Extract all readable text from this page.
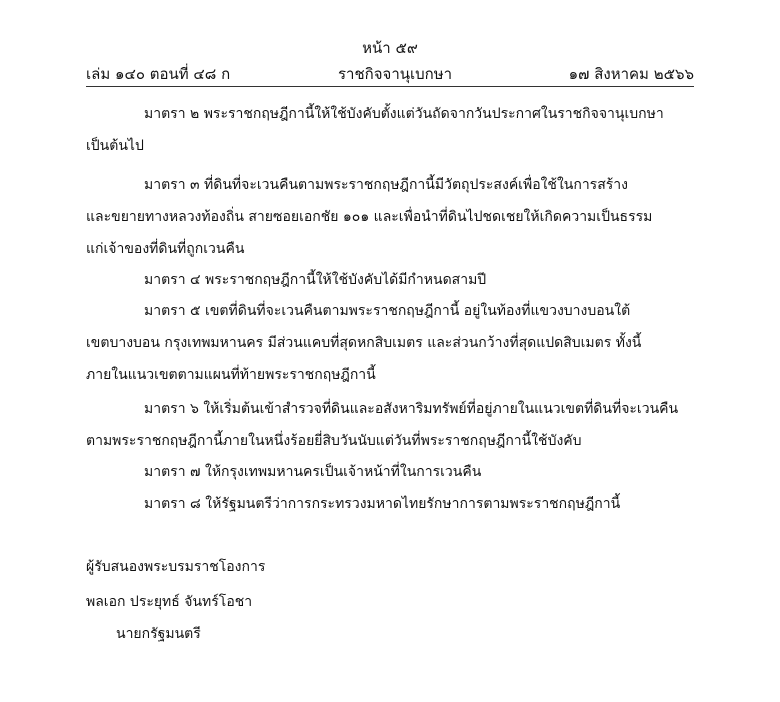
หน้า ๕๙
เล่ม ๑๔๐ ตอนที่ ๔๘ ก	ราชกิจจานุเบกษา	๑๗ สิงหาคม ๒๕๖๖
มาตรา ๒ พระราชกฤษฎีกานี้ให้ใช้บังคับตั้งแต่วันถัดจากวันประกาศในราชกิจจานุเบกษา
เป็นต้นไป
มาตรา ๓ ที่ดินที่จะเวนคืนตามพระราชกฤษฎีกานี้มีวัตถุประสงค์เพื่อใช้ในการสร้าง
และขยายทางหลวงท้องถิ่น สายซอยเอกชัย ๑๐๑ และเพื่อนำที่ดินไปชดเชยให้เกิดความเป็นธรรม
แก่เจ้าของที่ดินที่ถูกเวนคืน
มาตรา ๔ พระราชกฤษฎีกานี้ให้ใช้บังคับได้มีกำหนดสามปี
มาตรา ๕ เขตที่ดินที่จะเวนคืนตามพระราชกฤษฎีกานี้ อยู่ในท้องที่แขวงบางบอนใต้
เขตบางบอน กรุงเทพมหานคร มีส่วนแคบที่สุดหกสิบเมตร และส่วนกว้างที่สุดแปดสิบเมตร ทั้งนี้
ภายในแนวเขตตามแผนที่ท้ายพระราชกฤษฎีกานี้
มาตรา ๖ ให้เริ่มต้นเข้าสำรวจที่ดินและอสังหาริมทรัพย์ที่อยู่ภายในแนวเขตที่ดินที่จะเวนคืน
ตามพระราชกฤษฎีกานี้ภายในหนึ่งร้อยยี่สิบวันนับแต่วันที่พระราชกฤษฎีกานี้ใช้บังคับ
มาตรา ๗ ให้กรุงเทพมหานครเป็นเจ้าหน้าที่ในการเวนคืน
มาตรา ๘ ให้รัฐมนตรีว่าการกระทรวงมหาดไทยรักษาการตามพระราชกฤษฎีกานี้
ผู้รับสนองพระบรมราชโองการ
พลเอก ประยุทธ์ จันทร์โอชา
นายกรัฐมนตรี
